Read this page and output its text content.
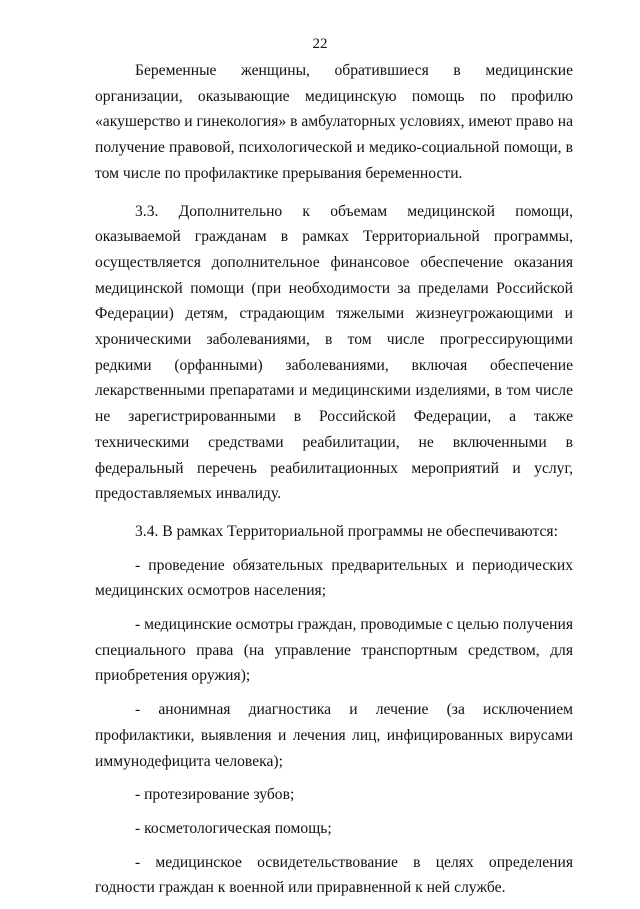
22

Беременные женщины, обратившиеся в медицинские организации, оказывающие медицинскую помощь по профилю «акушерство и гинекология» в амбулаторных условиях, имеют право на получение правовой, психологической и медико-социальной помощи, в том числе по профилактике прерывания беременности.

3.3. Дополнительно к объемам медицинской помощи, оказываемой гражданам в рамках Территориальной программы, осуществляется дополнительное финансовое обеспечение оказания медицинской помощи (при необходимости за пределами Российской Федерации) детям, страдающим тяжелыми жизнеугрожающими и хроническими заболеваниями, в том числе прогрессирующими редкими (орфанными) заболеваниями, включая обеспечение лекарственными препаратами и медицинскими изделиями, в том числе не зарегистрированными в Российской Федерации, а также техническими средствами реабилитации, не включенными в федеральный перечень реабилитационных мероприятий и услуг, предоставляемых инвалиду.

3.4. В рамках Территориальной программы не обеспечиваются:

- проведение обязательных предварительных и периодических медицинских осмотров населения;

- медицинские осмотры граждан, проводимые с целью получения специального права (на управление транспортным средством, для приобретения оружия);

- анонимная диагностика и лечение (за исключением профилактики, выявления и лечения лиц, инфицированных вирусами иммунодефицита человека);

- протезирование зубов;

- косметологическая помощь;

- медицинское освидетельствование в целях определения годности граждан к военной или приравненной к ней службе.
